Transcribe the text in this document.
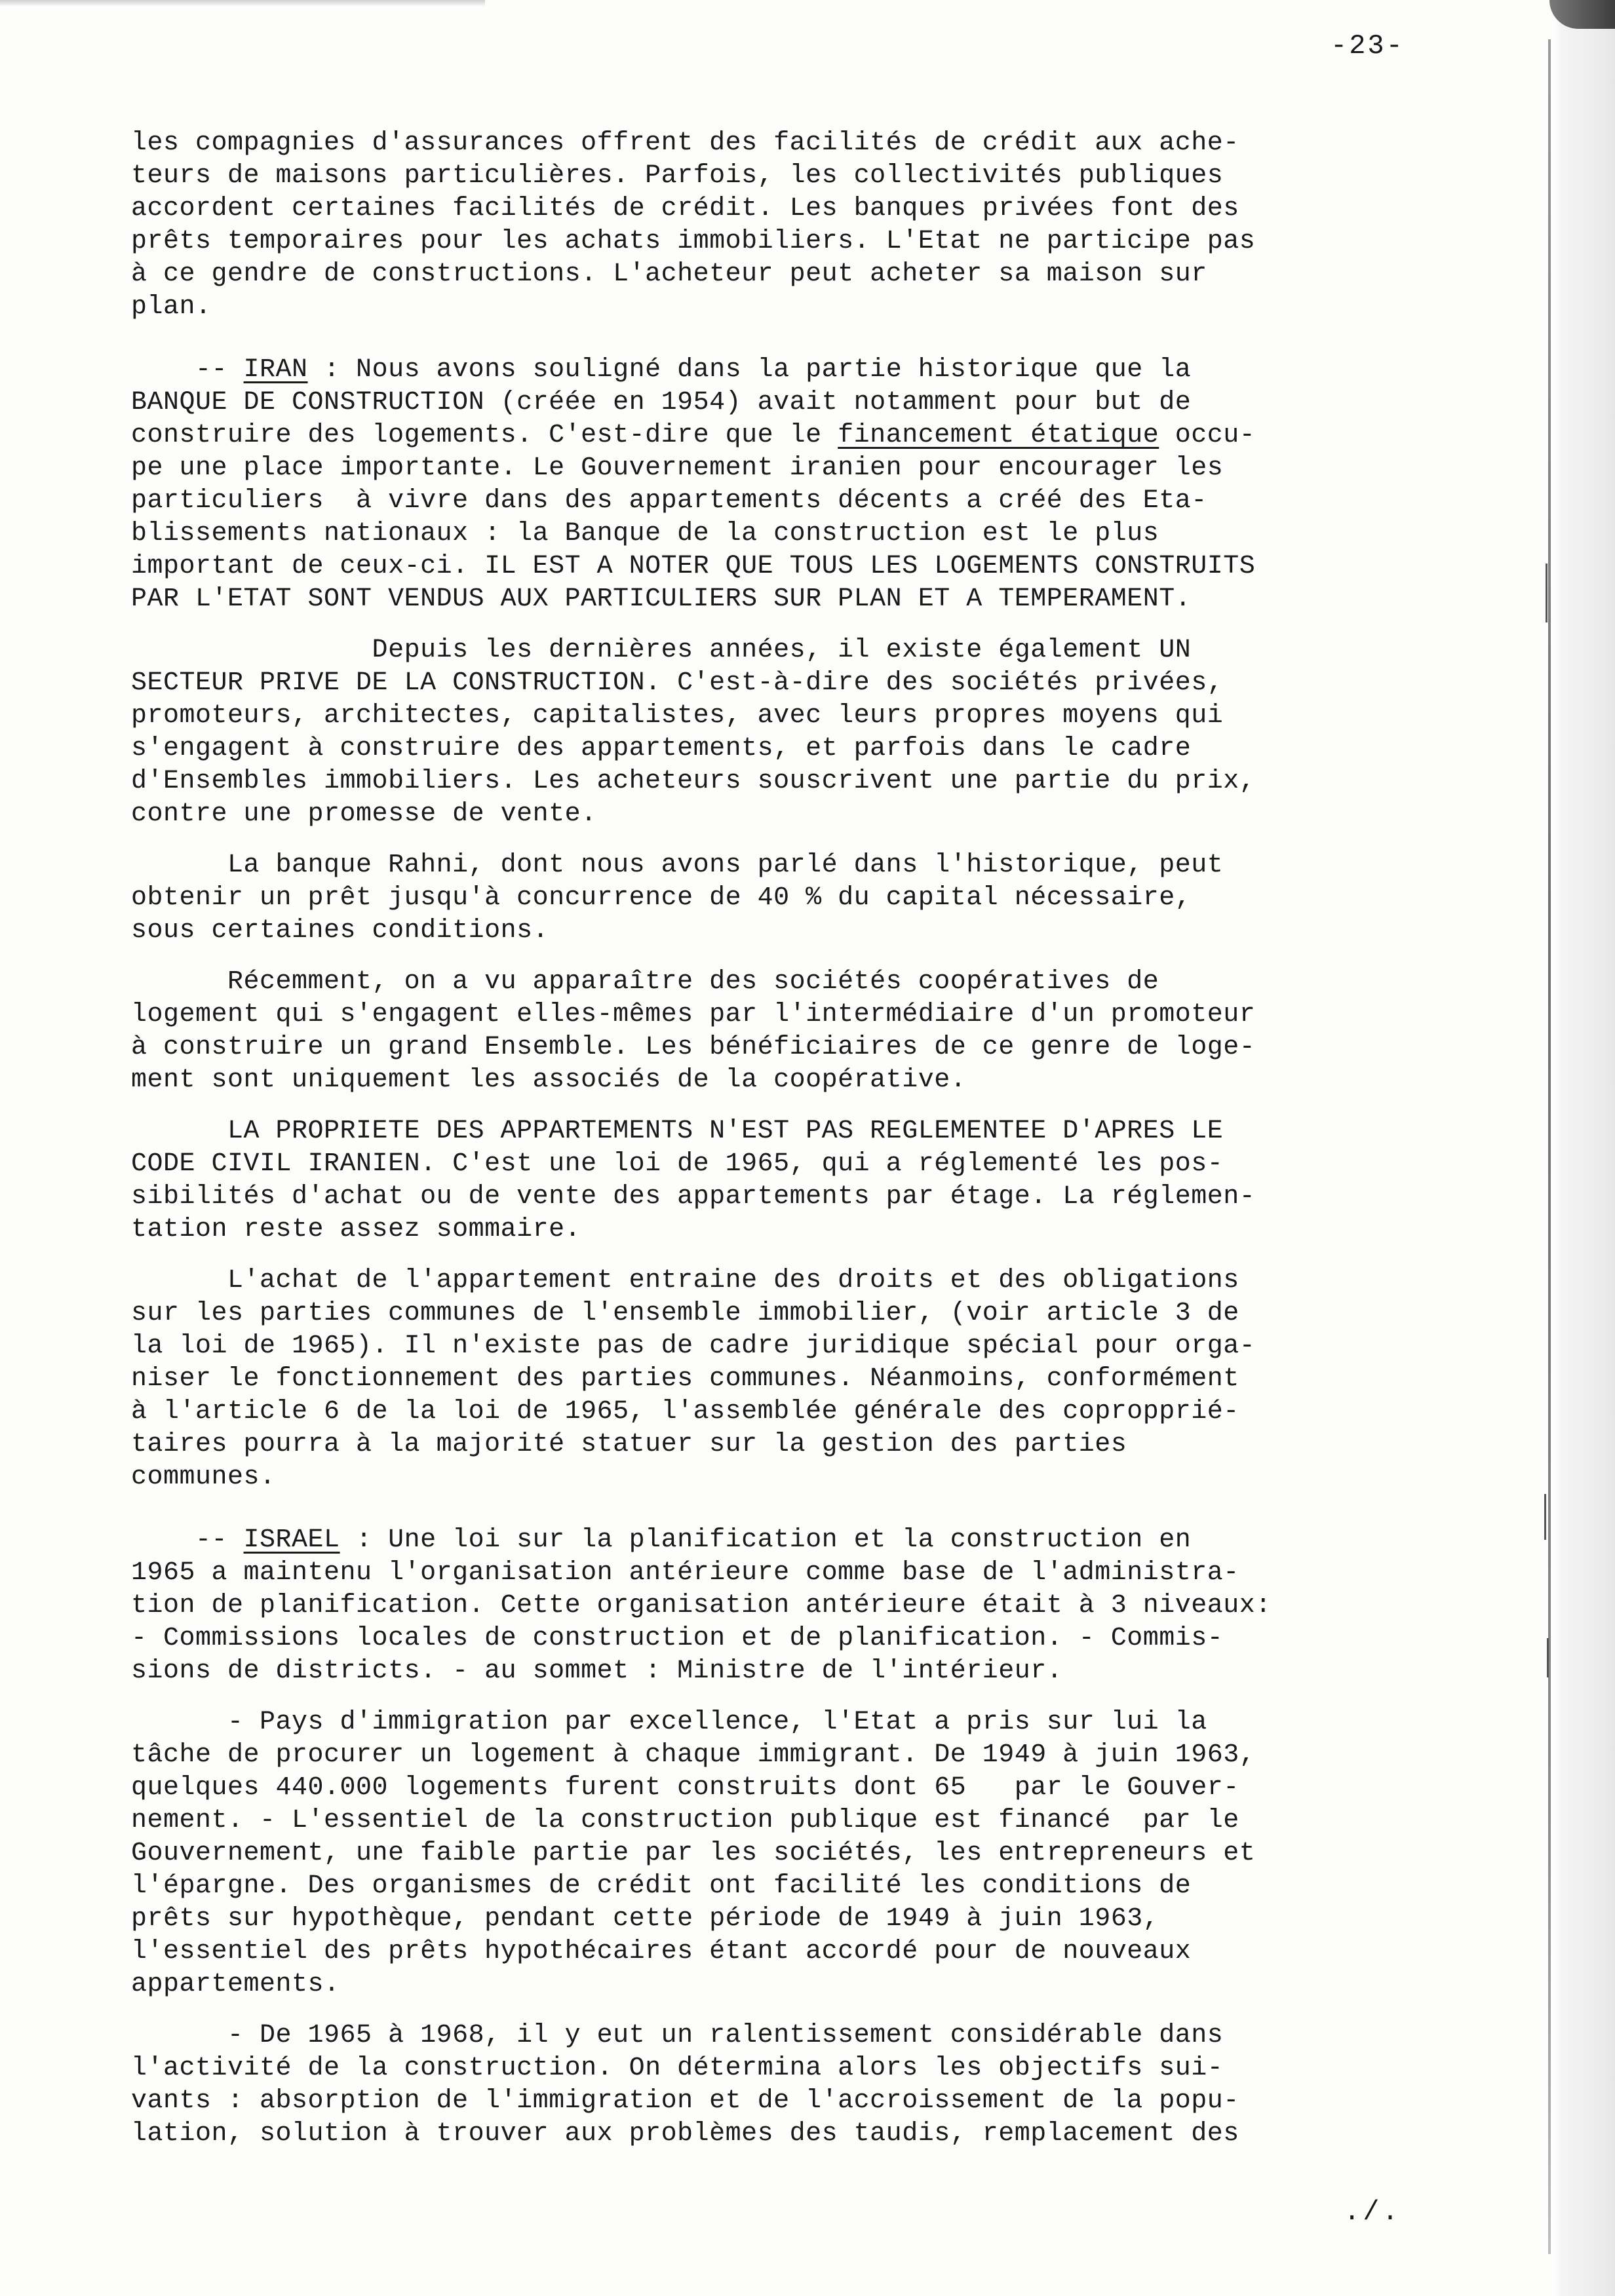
-23-
les compagnies d'assurances offrent des facilités de crédit aux ache-
teurs de maisons particulières. Parfois, les collectivités publiques
accordent certaines facilités de crédit. Les banques privées font des
prêts temporaires pour les achats immobiliers. L'Etat ne participe pas
à ce gendre de constructions. L'acheteur peut acheter sa maison sur
plan.
-- IRAN : Nous avons souligné dans la partie historique que la
BANQUE DE CONSTRUCTION (créée en 1954) avait notamment pour but de
construire des logements. C'est-dire que le financement étatique occu-
pe une place importante. Le Gouvernement iranien pour encourager les
particuliers  à vivre dans des appartements décents a créé des Eta-
blissements nationaux : la Banque de la construction est le plus
important de ceux-ci. IL EST A NOTER QUE TOUS LES LOGEMENTS CONSTRUITS
PAR L'ETAT SONT VENDUS AUX PARTICULIERS SUR PLAN ET A TEMPERAMENT.
Depuis les dernières années, il existe également UN
SECTEUR PRIVE DE LA CONSTRUCTION. C'est-à-dire des sociétés privées,
promoteurs, architectes, capitalistes, avec leurs propres moyens qui
s'engagent à construire des appartements, et parfois dans le cadre
d'Ensembles immobiliers. Les acheteurs souscrivent une partie du prix,
contre une promesse de vente.
La banque Rahni, dont nous avons parlé dans l'historique, peut
obtenir un prêt jusqu'à concurrence de 40 % du capital nécessaire,
sous certaines conditions.
Récemment, on a vu apparaître des sociétés coopératives de
logement qui s'engagent elles-mêmes par l'intermédiaire d'un promoteur
à construire un grand Ensemble. Les bénéficiaires de ce genre de loge-
ment sont uniquement les associés de la coopérative.
LA PROPRIETE DES APPARTEMENTS N'EST PAS REGLEMENTEE D'APRES LE
CODE CIVIL IRANIEN. C'est une loi de 1965, qui a réglementé les pos-
sibilités d'achat ou de vente des appartements par étage. La réglemen-
tation reste assez sommaire.
L'achat de l'appartement entraine des droits et des obligations
sur les parties communes de l'ensemble immobilier, (voir article 3 de
la loi de 1965). Il n'existe pas de cadre juridique spécial pour orga-
niser le fonctionnement des parties communes. Néanmoins, conformément
à l'article 6 de la loi de 1965, l'assemblée générale des copropprié-
taires pourra à la majorité statuer sur la gestion des parties
communes.
-- ISRAEL : Une loi sur la planification et la construction en
1965 a maintenu l'organisation antérieure comme base de l'administra-
tion de planification. Cette organisation antérieure était à 3 niveaux:
- Commissions locales de construction et de planification. - Commis-
sions de districts. - au sommet : Ministre de l'intérieur.
- Pays d'immigration par excellence, l'Etat a pris sur lui la
tâche de procurer un logement à chaque immigrant. De 1949 à juin 1963,
quelques 440.000 logements furent construits dont 65   par le Gouver-
nement. - L'essentiel de la construction publique est financé  par le
Gouvernement, une faible partie par les sociétés, les entrepreneurs et
l'épargne. Des organismes de crédit ont facilité les conditions de
prêts sur hypothèque, pendant cette période de 1949 à juin 1963,
l'essentiel des prêts hypothécaires étant accordé pour de nouveaux
appartements.
- De 1965 à 1968, il y eut un ralentissement considérable dans
l'activité de la construction. On détermina alors les objectifs sui-
vants : absorption de l'immigration et de l'accroissement de la popu-
lation, solution à trouver aux problèmes des taudis, remplacement des
./.
